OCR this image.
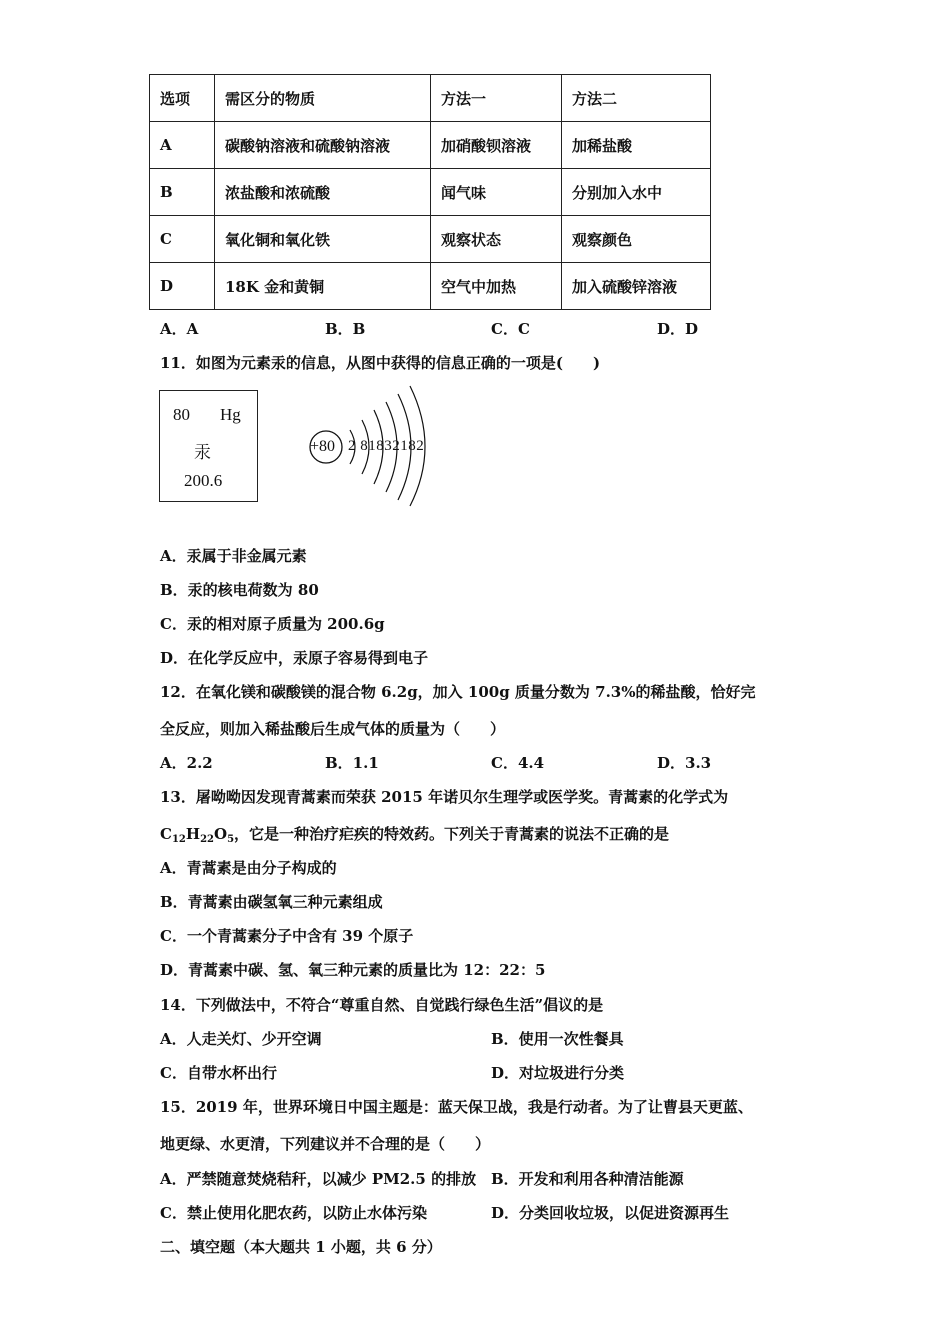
选项	需区分的物质	方法一	方法二
A	碳酸钠溶液和硫酸钠溶液	加硝酸钡溶液	加稀盐酸
B	浓盐酸和浓硫酸	闻气味	分别加入水中
C	氧化铜和氧化铁	观察状态	观察颜色
D	18K 金和黄铜	空气中加热	加入硫酸锌溶液
A．A	B．B	C．C	D．D
11．如图为元素汞的信息，从图中获得的信息正确的一项是(　　)
80 Hg
汞
200.6
+80 2 81832182
A．汞属于非金属元素
B．汞的核电荷数为 80
C．汞的相对原子质量为 200.6g
D．在化学反应中，汞原子容易得到电子
12．在氧化镁和碳酸镁的混合物 6.2g，加入 100g 质量分数为 7.3%的稀盐酸，恰好完
全反应，则加入稀盐酸后生成气体的质量为（　　）
A．2.2	B．1.1	C．4.4	D．3.3
13．屠呦呦因发现青蒿素而荣获 2015 年诺贝尔生理学或医学奖。青蒿素的化学式为
$C_{12}H_{22}O_5$，它是一种治疗疟疾的特效药。下列关于青蒿素的说法不正确的是
A．青蒿素是由分子构成的
B．青蒿素由碳氢氧三种元素组成
C．一个青蒿素分子中含有 39 个原子
D．青蒿素中碳、氢、氧三种元素的质量比为 12：22：5
14．下列做法中，不符合“尊重自然、自觉践行绿色生活”倡议的是
A．人走关灯、少开空调	B．使用一次性餐具
C．自带水杯出行	D．对垃圾进行分类
15．2019 年，世界环境日中国主题是：蓝天保卫战，我是行动者。为了让曹县天更蓝、
地更绿、水更清，下列建议并不合理的是（　　）
A．严禁随意焚烧秸秆，以减少 PM2.5 的排放 B．开发和利用各种清洁能源
C．禁止使用化肥农药，以防止水体污染	D．分类回收垃圾，以促进资源再生
二、填空题（本大题共 1 小题，共 6 分）
